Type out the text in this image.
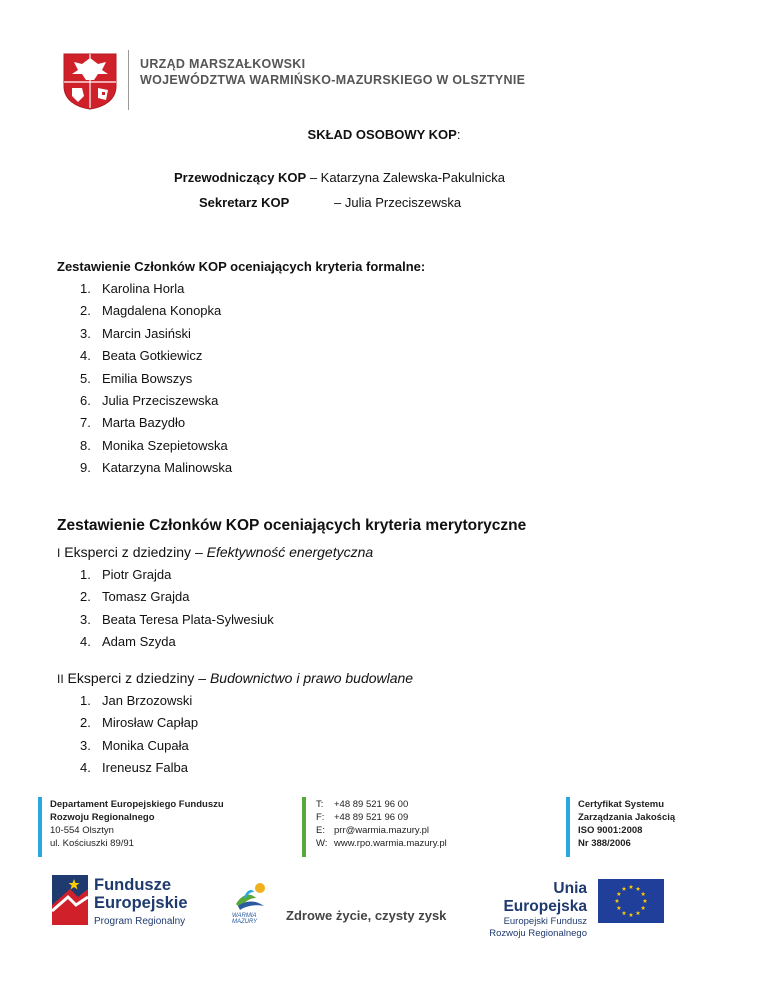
URZĄD MARSZAŁKOWSKI
WOJEWÓDZTWA WARMIŃSKO-MAZURSKIEGO W OLSZTYNIE
SKŁAD OSOBOWY KOP:
Przewodniczący KOP – Katarzyna Zalewska-Pakulnicka
Sekretarz KOP	– Julia Przeciszewska
Zestawienie Członków KOP oceniających kryteria formalne:
1. Karolina Horla
2. Magdalena Konopka
3. Marcin Jasiński
4. Beata Gotkiewicz
5. Emilia Bowszys
6. Julia Przeciszewska
7. Marta Bazydło
8. Monika Szepietowska
9. Katarzyna Malinowska
Zestawienie Członków KOP oceniających kryteria merytoryczne
I Eksperci z dziedziny – Efektywność energetyczna
1. Piotr Grajda
2. Tomasz Grajda
3. Beata Teresa Plata-Sylwesiuk
4. Adam Szyda
II Eksperci z dziedziny – Budownictwo i prawo budowlane
1. Jan Brzozowski
2. Mirosław Capłap
3. Monika Cupała
4. Ireneusz Falba
Departament Europejskiego Funduszu
Rozwoju Regionalnego
10-554 Olsztyn
ul. Kościuszki 89/91
T: +48 89 521 96 00
F: +48 89 521 96 09
E: prr@warmia.mazury.pl
W: www.rpo.warmia.mazury.pl
Certyfikat Systemu
Zarządzania Jakością
ISO 9001:2008
Nr 388/2006
Fundusze
Europejskie
Program Regionalny	WARMIA MAZURY	Zdrowe życie, czysty zysk
Unia Europejska
Europejski Fundusz
Rozwoju Regionalnego
